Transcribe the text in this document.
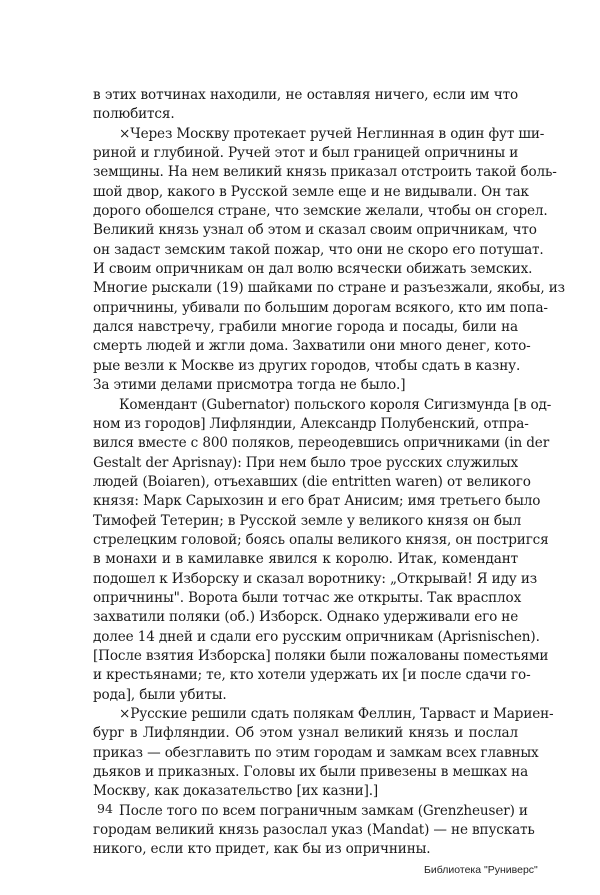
в этих вотчинах находили, не оставляя ничего, если им что
полюбится.
×Через Москву протекает ручей Неглинная в один фут ши-
риной и глубиной. Ручей этот и был границей опричнины и
земщины. На нем великий князь приказал отстроить такой боль-
шой двор, какого в Русской земле еще и не видывали. Он так
дорого обошелся стране, что земские желали, чтобы он сгорел.
Великий князь узнал об этом и сказал своим опричникам, что
он задаст земским такой пожар, что они не скоро его потушат.
И своим опричникам он дал волю всячески обижать земских.
Многие рыскали (19) шайками по стране и разъезжали, якобы, из
опричнины, убивали по большим дорогам всякого, кто им попа-
дался навстречу, грабили многие города и посады, били на
смерть людей и жгли дома. Захватили они много денег, кото-
рые везли к Москве из других городов, чтобы сдать в казну.
За этими делами присмотра тогда не было.]
Комендант (Gubernator) польского короля Сигизмунда [в од-
ном из городов] Лифляндии, Александр Полубенский, отпра-
вился вместе с 800 поляков, переодевшись опричниками (in der
Gestalt der Aprisnay): При нем было трое русских служилых
людей (Boiaren), отъехавших (die entritten waren) от великого
князя: Марк Сарыхозин и его брат Анисим; имя третьего было
Тимофей Тетерин; в Русской земле у великого князя он был
стрелецким головой; боясь опалы великого князя, он постригся
в монахи и в камилавке явился к королю. Итак, комендант
подошел к Изборску и сказал воротнику: „Открывай! Я иду из
опричнины". Ворота были тотчас же открыты. Так врасплох
захватили поляки (об.) Изборск. Однако удерживали его не
долее 14 дней и сдали его русским опричникам (Aprisnischen).
[После взятия Изборска] поляки были пожалованы поместьями
и крестьянами; те, кто хотели удержать их [и после сдачи го-
рода], были убиты.
×Русские решили сдать полякам Феллин, Тарваст и Мариен-
бург в Лифляндии. Об этом узнал великий князь и послал
приказ — обезглавить по этим городам и замкам всех главных
дьяков и приказных. Головы их были привезены в мешках на
Москву, как доказательство [их казни].]
После того по всем пограничным замкам (Grenzheuser) и
городам великий князь разослал указ (Mandat) — не впускать
никого, если кто придет, как бы из опричнины.
94
Библиотека "Руниверс"
